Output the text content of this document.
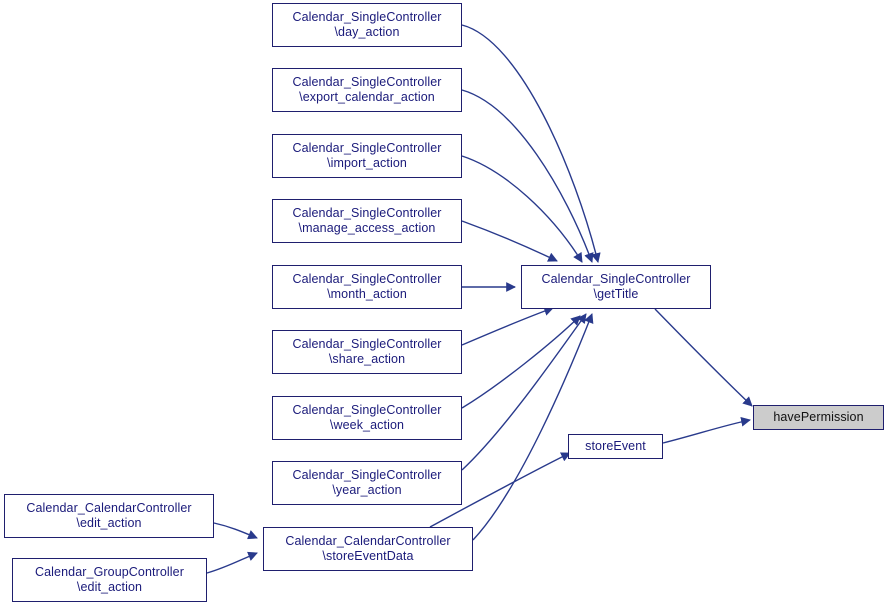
Calendar_SingleController
\day_action
Calendar_SingleController
\export_calendar_action
Calendar_SingleController
\import_action
Calendar_SingleController
\manage_access_action
Calendar_SingleController
\month_action
Calendar_SingleController
\share_action
Calendar_SingleController
\week_action
Calendar_SingleController
\year_action
Calendar_SingleController
\getTitle
havePermission
storeEvent
Calendar_CalendarController
\storeEventData
Calendar_CalendarController
\edit_action
Calendar_GroupController
\edit_action
